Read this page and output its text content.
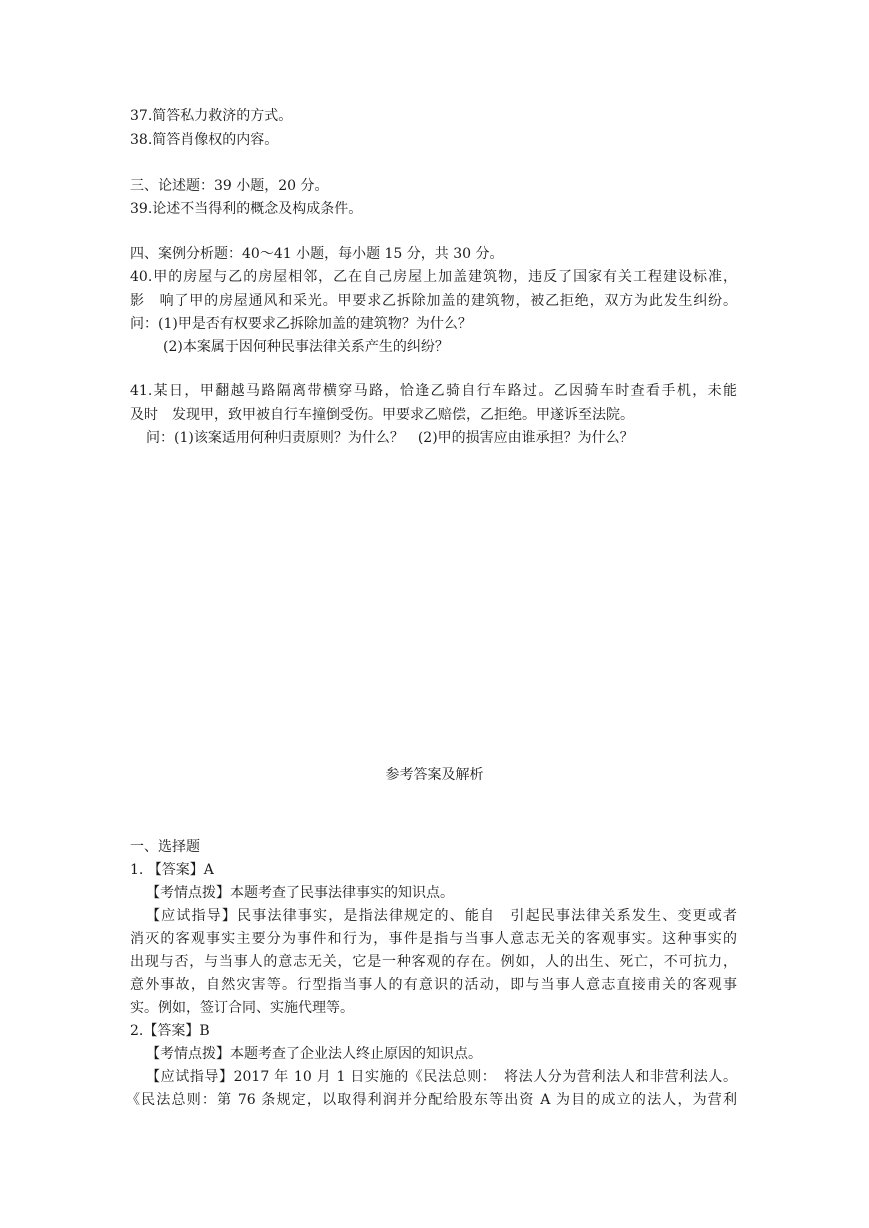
37.简答私力救济的方式。
38.简答肖像权的内容。
三、论述题：39 小题，20 分。
39.论述不当得利的概念及构成条件。
四、案例分析题：40～41 小题，每小题 15 分，共 30 分。
40.甲的房屋与乙的房屋相邻，乙在自己房屋上加盖建筑物，违反了国家有关工程建设标准，
影　响了甲的房屋通风和采光。甲要求乙拆除加盖的建筑物，被乙拒绝，双方为此发生纠纷。
问：(1)甲是否有权要求乙拆除加盖的建筑物？为什么？
(2)本案属于因何种民事法律关系产生的纠纷？
41.某日，甲翻越马路隔离带横穿马路，恰逢乙骑自行车路过。乙因骑车时查看手机，未能
及时　发现甲，致甲被自行车撞倒受伤。甲要求乙赔偿，乙拒绝。甲遂诉至法院。
问：(1)该案适用何种归责原则？为什么？　(2)甲的损害应由谁承担？为什么？
参考答案及解析
一、选择题
1. 【答案】A
【考情点拨】本题考查了民事法律事实的知识点。
【应试指导】民事法律事实，是指法律规定的、能自　引起民事法律关系发生、变更或者
消灭的客观事实主要分为事件和行为，事件是指与当事人意志无关的客观事实。这种事实的
出现与否，与当事人的意志无关，它是一种客观的存在。例如，人的出生、死亡，不可抗力，
意外事故，自然灾害等。行型指当事人的有意识的活动，即与当事人意志直接甫关的客观事
实。例如，签订合同、实施代理等。
2.【答案】B
【考情点拨】本题考查了企业法人终止原因的知识点。
【应试指导】2017 年 10 月 1 日实施的《民法总则：　将法人分为营利法人和非营利法人。
《民法总则：第 76 条规定，以取得利润并分配给股东等出资 A 为目的成立的法人，为营利
